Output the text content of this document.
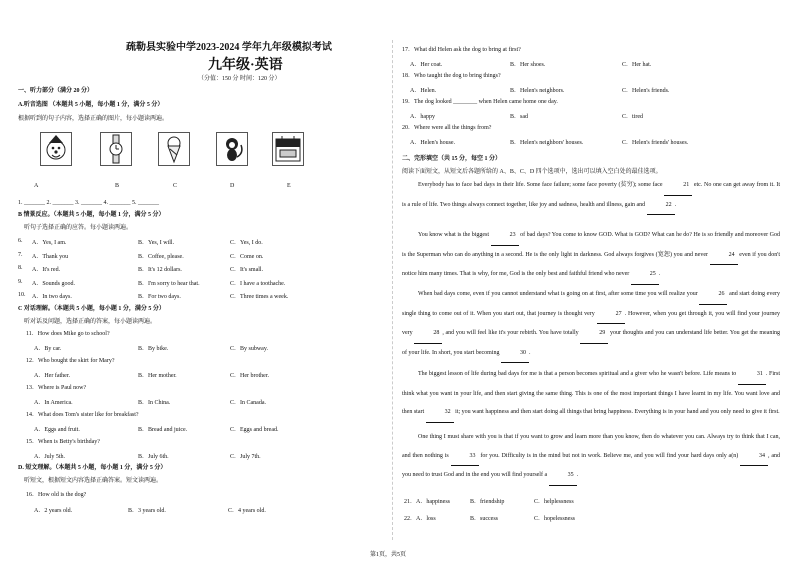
疏勒县实验中学2023-2024 学年九年级模拟考试
九年级·英语
（分值：150 分 时间：120 分）
一、听力部分（满分 20 分）
A.听音选图 （本题共 5 小题，每小题 1 分，满分 5 分）
根据听到的句子内容，选择正确的图片，每小题读两遍。
A	B	C	D	E
1. _______ 2. _______ 3. _______ 4. _______ 5. _______
B 情景反应。（本题共 5 小题，每小题 1 分，满分 5 分）
听句子选择正确的应答。每小题读两遍。
6. A．Yes, I am.	B．Yes, I will.	C．Yes, I do.
7. A．Thank you	B．Coffee, please.	C．Come on.
8. A．It's red.	B．It's 12 dollars.	C．It's small.
9. A．Sounds good.	B．I'm sorry to hear that.	C．I have a toothache.
10. A．In two days.	B．For two days.	C．Three times a week.
C 对话理解。（本题共 5 小题，每小题 1 分，满分 5 分）
听对话及问题，选择正确的答案，每小题读两遍。
11．How does Mike go to school?
A．By car.	B．By bike.	C．By subway.
12．Who bought the skirt for Mary?
A．Her father.	B．Her mother.	C．Her brother.
13．Where is Paul now?
A．In America.	B．In China.	C．In Canada.
14．What does Tom's sister like for breakfast?
A．Eggs and fruit.	B．Bread and juice.	C．Eggs and bread.
15．When is Betty's birthday?
A．July 5th.	B．July 6th.	C．July 7th.
D. 短文理解。（本题共 5 小题，每小题 1 分，满分 5 分）
听短文，根据短文内容选择正确答案。短文读两遍。
16．How old is the dog?
A．2 years old.	B．3 years old.	C．4 years old.
17．What did Helen ask the dog to bring at first?
A．Her coat.	B．Her shoes.	C．Her hat.
18．Who taught the dog to bring things?
A．Helen.	B．Helen's neighbors.	C．Helen's friends.
19．The dog looked ________ when Helen came home one day.
A．happy	B．sad	C．tired
20．Where were all the things from?
A．Helen's house.	B．Helen's neighbors' houses.	C．Helen's friends' houses.
二、完形填空（共 15 分，每空 1 分）
阅读下面短文，从短文后各题所给的 A、B、C、D 四个选项中，选出可以填入空白处的最佳选项。
Everybody has to face bad days in their life. Some face failure; some face poverty (贫穷); some face	21 etc. No one can get away from it. It is a rule of life. Two things always connect together, like joy and sadness, health and illness, gain and	22 .
You know what is the biggest	23 of bad days? You come to know GOD. What is GOD? What can he do? He is so friendly and moreover God is the Superman who can do anything in a second. He is the only light in darkness. God always forgives (宽恕) you and never	24 even if you don't notice him many times. That is why, for me, God is the only best and faithful friend who never	25 .
When bad days come, even if you cannot understand what is going on at first, after some time you will realize your	26 and start doing every single thing to come out of it. When you start out, that journey is thought very	27 . However, when you get through it, you will find your journey very	28 , and you will feel like it's your rebirth. You have totally	29 your thoughts and you can understand life better. You get the meaning of your life. In short, you start becoming	30 .
The biggest lesson of life during bad days for me is that a person becomes spiritual and a giver who he wasn't before. Life means to	31 . First think what you want in your life, and then start giving the same thing. This is one of the most important things I have learnt in my life. You want love and then start	32 it; you want happiness and then start doing all things that bring happiness. Everything is in your hand and you only need to give it first.
One thing I must share with you is that if you want to grow and learn more than you know, then do whatever you can. Always try to think that I can, and then nothing is	33 for you. Difficulty is in the mind but not in work. Believe me, and you will find your hard days only a(n)	34 , and you need to trust God and in the end you will find yourself a	35 .
21．A．happiness	B．friendship	C．helplessness
22．A．loss	B．success	C．hopelessness
第1页，共5页
